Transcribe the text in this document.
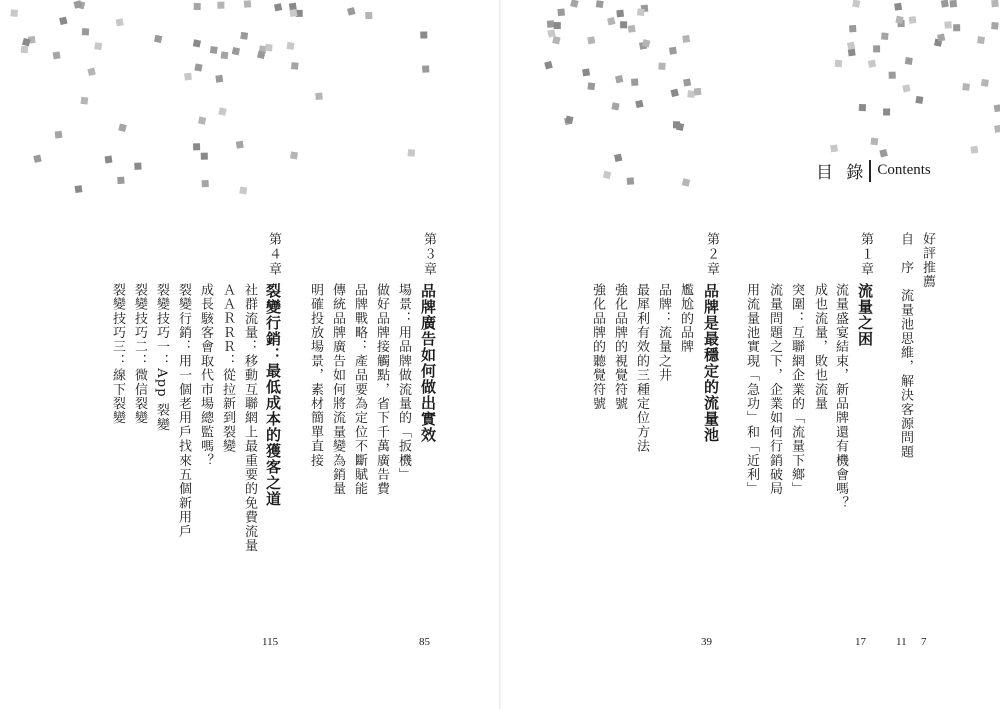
目 錄 Contents
好評推薦
7
自　序　流量池思維，解決客源問題
11
第１章
流量之困
流量盛宴結束，新品牌還有機會嗎？
成也流量，敗也流量
突圍：互聯網企業的「流量下鄉」
流量問題之下，企業如何行銷破局
用流量池實現「急功」和「近利」
17
第２章
品牌是最穩定的流量池
尷尬的品牌
品牌：流量之井
最犀利有效的三種定位方法
強化品牌的視覺符號
強化品牌的聽覺符號
39
第３章
品牌廣告如何做出實效
場景：用品牌做流量的「扳機」
做好品牌接觸點，省下千萬廣告費
品牌戰略：產品要為定位不斷賦能
傳統品牌廣告如何將流量變為銷量
明確投放場景，素材簡單直接
85
第４章
裂變行銷：最低成本的獲客之道
社群流量：移動互聯網上最重要的免費流量
ＡＡＲＲＲ：從拉新到裂變
成長駭客會取代市場總監嗎？
裂變行銷：用一個老用戶找來五個新用戶
裂變技巧一：App 裂變
裂變技巧二：微信裂變
裂變技巧三：線下裂變
115
